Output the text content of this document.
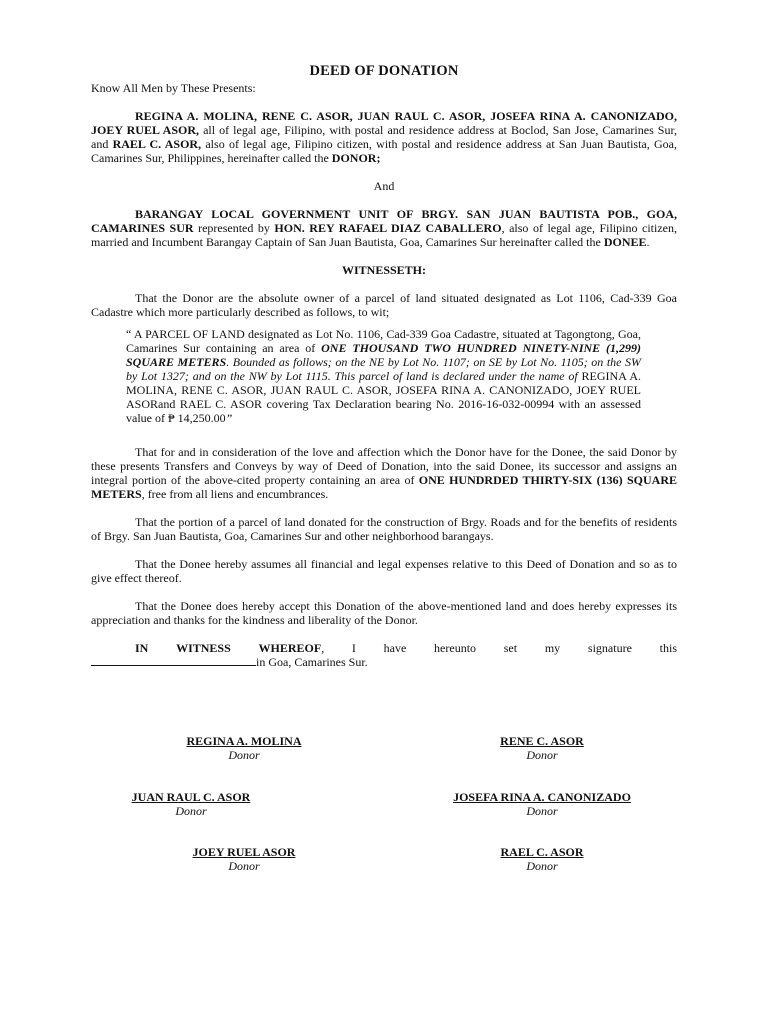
DEED OF DONATION

Know All Men by These Presents:

REGINA A. MOLINA, RENE C. ASOR, JUAN RAUL C. ASOR, JOSEFA RINA A. CANONIZADO, JOEY RUEL ASOR, all of legal age, Filipino, with postal and residence address at Boclod, San Jose, Camarines Sur, and RAEL C. ASOR, also of legal age, Filipino citizen, with postal and residence address at San Juan Bautista, Goa, Camarines Sur, Philippines, hereinafter called the DONOR;

And

BARANGAY LOCAL GOVERNMENT UNIT OF BRGY. SAN JUAN BAUTISTA POB., GOA, CAMARINES SUR represented by HON. REY RAFAEL DIAZ CABALLERO, also of legal age, Filipino citizen, married and Incumbent Barangay Captain of San Juan Bautista, Goa, Camarines Sur hereinafter called the DONEE.

WITNESSETH:

That the Donor are the absolute owner of a parcel of land situated designated as Lot 1106, Cad-339 Goa Cadastre which more particularly described as follows, to wit;

“ A PARCEL OF LAND designated as Lot No. 1106, Cad-339 Goa Cadastre, situated at Tagongtong, Goa, Camarines Sur containing an area of ONE THOUSAND TWO HUNDRED NINETY-NINE (1,299) SQUARE METERS. Bounded as follows; on the NE by Lot No. 1107; on SE by Lot No. 1105; on the SW by Lot 1327; and on the NW by Lot 1115. This parcel of land is declared under the name of REGINA A. MOLINA, RENE C. ASOR, JUAN RAUL C. ASOR, JOSEFA RINA A. CANONIZADO, JOEY RUEL ASORand RAEL C. ASOR covering Tax Declaration bearing No. 2016-16-032-00994 with an assessed value of ₱ 14,250.00”

That for and in consideration of the love and affection which the Donor have for the Donee, the said Donor by these presents Transfers and Conveys by way of Deed of Donation, into the said Donee, its successor and assigns an integral portion of the above-cited property containing an area of ONE HUNDRDED THIRTY-SIX (136) SQUARE METERS, free from all liens and encumbrances.

That the portion of a parcel of land donated for the construction of Brgy. Roads and for the benefits of residents of Brgy. San Juan Bautista, Goa, Camarines Sur and other neighborhood barangays.

That the Donee hereby assumes all financial and legal expenses relative to this Deed of Donation and so as to give effect thereof.

That the Donee does hereby accept this Donation of the above-mentioned land and does hereby expresses its appreciation and thanks for the kindness and liberality of the Donor.

IN WITNESS WHEREOF, I have hereunto set my signature this

in Goa, Camarines Sur.

REGINA A. MOLINA
Donor
RENE C. ASOR
Donor
JUAN RAUL C. ASOR
Donor
JOSEFA RINA A. CANONIZADO
Donor
JOEY RUEL ASOR
Donor
RAEL C. ASOR
Donor
